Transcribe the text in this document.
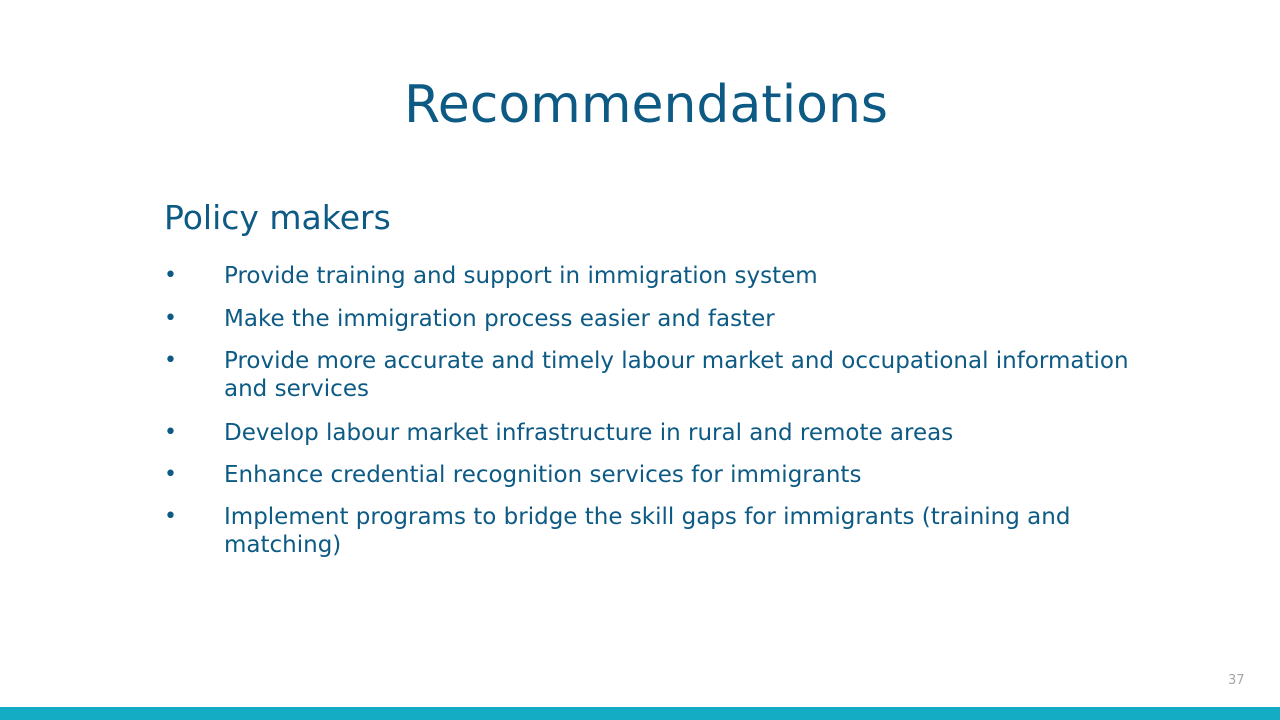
Recommendations
Policy makers
•	Provide training and support in immigration system
•	Make the immigration process easier and faster
•	Provide more accurate and timely labour market and occupational information and services
•	Develop labour market infrastructure in rural and remote areas
•	Enhance credential recognition services for immigrants
•	Implement programs to bridge the skill gaps for immigrants (training and matching)
37
